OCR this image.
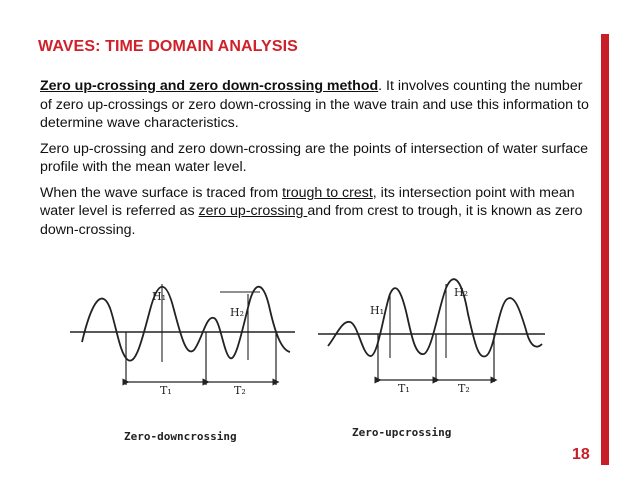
WAVES: TIME DOMAIN ANALYSIS

Zero up-crossing and zero down-crossing method. It involves counting the number of zero up-crossings or zero down-crossing in the wave train and use this information to determine wave characteristics.

Zero up-crossing and zero down-crossing are the points of intersection of water surface profile with the mean water level.

When the wave surface is traced from trough to crest, its intersection point with mean water level is referred as zero up-crossing and from crest to trough, it is known as zero down-crossing.

H₁
H₂
T₁	T₂
H₁
H₂
T₁	T₂
Zero-downcrossing	Zero-upcrossing
18
